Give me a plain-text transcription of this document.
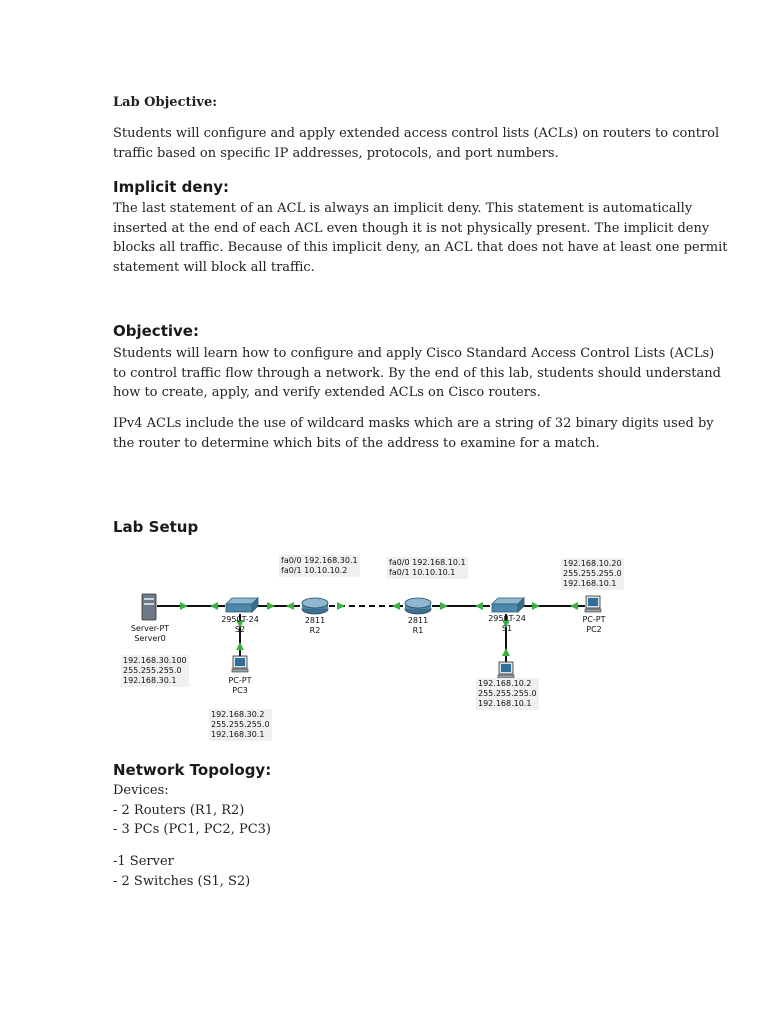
Lab Objective:
Students will configure and apply extended access control lists (ACLs) on routers to control
traffic based on specific IP addresses, protocols, and port numbers.
Implicit deny:
The last statement of an ACL is always an implicit deny. This statement is automatically
inserted at the end of each ACL even though it is not physically present. The implicit deny
blocks all traffic. Because of this implicit deny, an ACL that does not have at least one permit
statement will block all traffic.
Objective:
Students will learn how to configure and apply Cisco Standard Access Control Lists (ACLs)
to control traffic flow through a network. By the end of this lab, students should understand
how to create, apply, and verify extended ACLs on Cisco routers.
IPv4 ACLs include the use of wildcard masks which are a string of 32 binary digits used by
the router to determine which bits of the address to examine for a match.
Lab Setup
fa0/0 192.168.30.1
fa0/1 10.10.10.2
fa0/0 192.168.10.1
fa0/1 10.10.10.1
192.168.10.20
255.255.255.0
192.168.10.1
192.168.30.100
255.255.255.0
192.168.30.1
192.168.30.2
255.255.255.0
192.168.30.1
192.168.10.2
255.255.255.0
192.168.10.1
Server-PT
Server0
2950T-24
S2
2811
R2
2811
R1
2950T-24
S1
PC-PT
PC2
PC-PT
PC3
Network Topology:
Devices:
- 2 Routers (R1, R2)
- 3 PCs (PC1, PC2, PC3)
-1 Server
- 2 Switches (S1, S2)
